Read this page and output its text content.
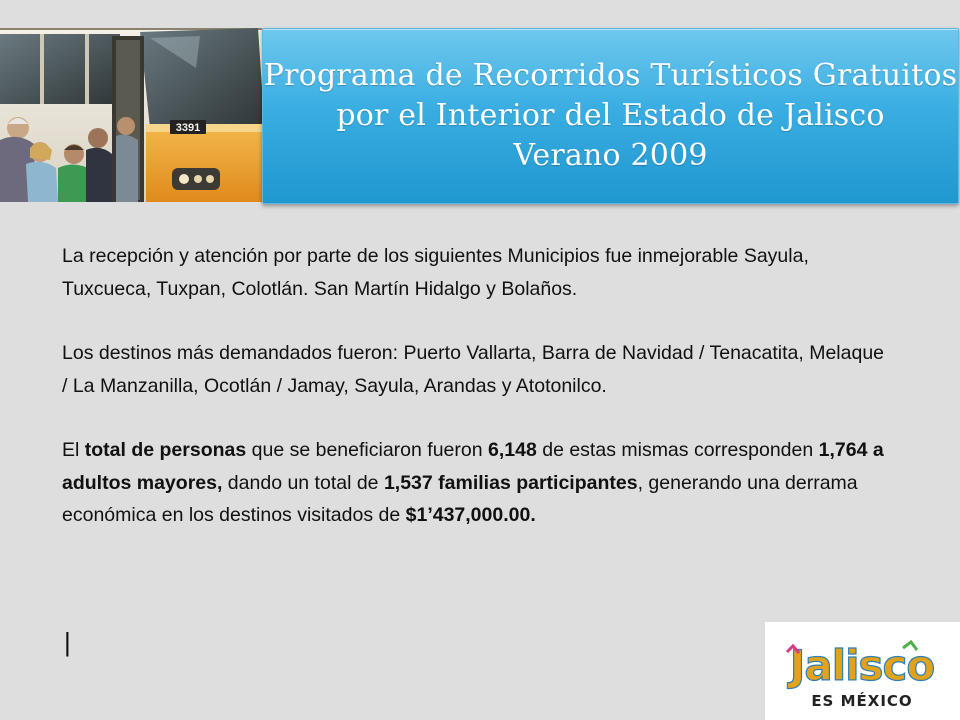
3391
Programa de Recorridos Turísticos Gratuitos
por el Interior del Estado de Jalisco
Verano 2009

La recepción y atención por parte de los siguientes Municipios fue inmejorable Sayula, Tuxcueca, Tuxpan, Colotlán. San Martín Hidalgo y Bolaños.

Los destinos más demandados fueron: Puerto Vallarta, Barra de Navidad / Tenacatita, Melaque / La Manzanilla, Ocotlán / Jamay, Sayula, Arandas y Atotonilco.

El total de personas que se beneficiaron fueron 6,148 de estas mismas corresponden 1,764 a adultos mayores, dando un total de 1,537 familias participantes, generando una derrama económica en los destinos visitados de $1’437,000.00.

|	Jalisco
ES MÉXICO
